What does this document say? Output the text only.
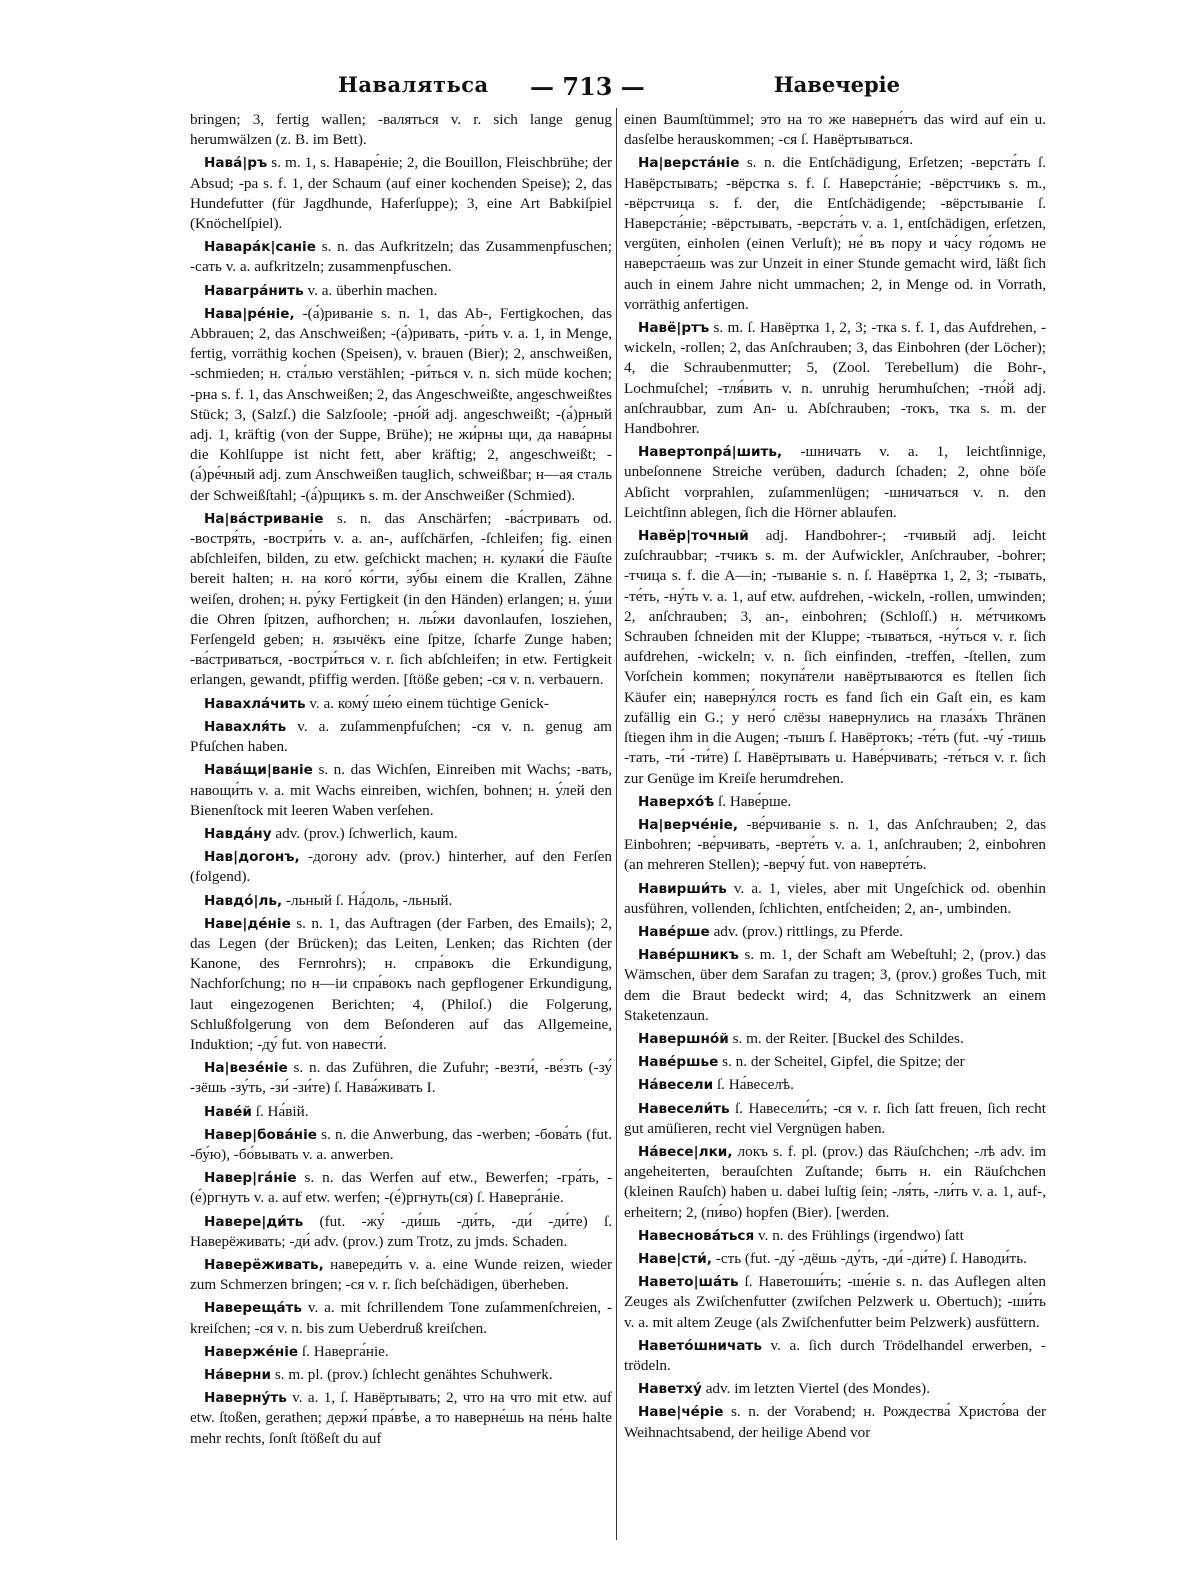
Навалятьса — 713 —	Навечеріе

bringen; 3, fertig wallen; -валяться v. r. sich lange genug herumwälzen (z. B. im Bett).

Нава́|ръ s. m. 1, s. Наваре́ніе; 2, die Bouillon, Fleischbrühe; der Absud; -ра s. f. 1, der Schaum (auf einer kochenden Speise); 2, das Hundefutter (für Jagdhunde, Haferſuppe); 3, eine Art Babkiſpiel (Knöchelſpiel).

Навара́к|саніе s. n. das Aufkritzeln; das Zusammenpfuschen; -сать v. a. aufkritzeln; zusammenpfuschen.

Навагра́нить v. a. überhin machen.

Нава|ре́ніе, -(а́)риваніе s. n. 1, das Ab-, Fertigkochen, das Abbrauen; 2, das Anschweißen; -(а́)ривать, -ри́ть v. a. 1, in Menge, fertig, vorräthig kochen (Speisen), v. brauen (Bier); 2, anschweißen, -schmieden; н. ста́лью verstählen; -ри́ться v. n. sich müde kochen; -рна s. f. 1, das Anschweißen; 2, das Angeschweißte, angeschweißtes Stück; 3, (Salzſ.) die Salzſoole; -рно́й adj. angeschweißt; -(а́)рный adj. 1, kräftig (von der Suppe, Brühe); не жи́рны щи, да нава́рны die Kohlſuppe ist nicht fett, aber kräftig; 2, angeschweißt; -(а́)ре́чный adj. zum Anschweißen tauglich, schweißbar; н—ая сталь der Schweißſtahl; -(а́)рщикъ s. m. der Anschweißer (Schmied).

На|ва́стриваніе s. n. das Anschärfen; -ва́стривать od. -востря́ть, -востри́ть v. a. an-, aufſchärfen, -ſchleifen; fig. einen abſchleifen, bilden, zu etw. geſchickt machen; н. кулаки́ die Fäuſte bereit halten; н. на кого́ ко́гти, зу́бы einem die Krallen, Zähne weiſen, drohen; н. ру́ку Fertigkeit (in den Händen) erlangen; н. у́ши die Ohren ſpitzen, aufhorchen; н. лы́жи davonlaufen, losziehen, Ferſengeld geben; н. язычёкъ eine ſpitze, ſcharfe Zunge haben; -ва́стриваться, -востри́ться v. r. ſich abſchleifen; in etw. Fertigkeit erlangen, gewandt, pfiffig werden. [ſtöße geben; -ся v. n. verbauern.

Навахла́чить v. a. кому́ ше́ю einem tüchtige Genick-

Навахля́ть v. a. zuſammenpfuſchen; -ся v. n. genug am Pfuſchen haben.

Нава́щи|ваніе s. n. das Wichſen, Einreiben mit Wachs; -вать, навощи́ть v. a. mit Wachs einreiben, wichſen, bohnen; н. у́лей den Bienenſtock mit leeren Waben verſehen.

Навда́ну adv. (prov.) ſchwerlich, kaum.

Нав|догонъ, -догону adv. (prov.) hinterher, auf den Ferſen (folgend).

Навдо́|ль, -льный ſ. На́доль, -льный.

Наве|де́ніе s. n. 1, das Auftragen (der Farben, des Emails); 2, das Legen (der Brücken); das Leiten, Lenken; das Richten (der Kanone, des Fernrohrs); н. спра́вокъ die Erkundigung, Nachforſchung; по н—іи спра́вокъ nach gepflogener Erkundigung, laut eingezogenen Berichten; 4, (Philoſ.) die Folgerung, Schlußfolgerung von dem Beſonderen auf das Allgemeine, Induktion; -ду́ fut. von навести́.

На|везе́ніе s. n. das Zuführen, die Zufuhr; -везти́, -ве́зть (-зу́ -зёшь -зу́ть, -зи́ -зи́те) ſ. Нава́живать I.

Наве́й ſ. На́вій.

Навер|бова́ніе s. n. die Anwerbung, das -werben; -бова́ть (fut. -бу́ю), -бо́вывать v. a. anwerben.

Навер|га́ніе s. n. das Werfen auf etw., Bewerfen; -гра́ть, -(е́)ргнуть v. a. auf etw. werfen; -(е́)ргнуть(ся) ſ. Наверга́ніе.

Навере|ди́ть (fut. -жу́ -ди́шь -ди́ть, -ди́ -ди́те) ſ. Наверёживать; -ди́ adv. (prov.) zum Trotz, zu jmds. Schaden.

Наверёживать, навереди́ть v. a. eine Wunde reizen, wieder zum Schmerzen bringen; -ся v. r. ſich beſchädigen, überheben.

Навереща́ть v. a. mit ſchrillendem Tone zuſammenſchreien, -kreiſchen; -ся v. n. bis zum Ueberdruß kreiſchen.

Наверже́ніе ſ. Наверга́ніе.

На́верни s. m. pl. (prov.) ſchlecht genähtes Schuhwerk.

Наверну́ть v. a. 1, ſ. Навёртывать; 2, что на что mit etw. auf etw. ſtoßen, gerathen; держи́ пра́вѣе, а то наверне́шь на пе́нь halte mehr rechts, ſonſt ſtößeſt du auf

einen Baumſtümmel; это на то же наверне́тъ das wird auf ein u. dasſelbe herauskommen; -ся ſ. Навёртываться.

На|верста́ніе s. n. die Entſchädigung, Erſetzen; -верста́ть ſ. Навёрстывать; -вёрстка s. f. ſ. Наверста́ніе; -вёрстчикъ s. m., -вёрстчица s. f. der, die Entſchädigende; -вёрстываніе ſ. Наверста́ніе; -вёрстывать, -верста́ть v. a. 1, entſchädigen, erſetzen, vergüten, einholen (einen Verluſt); не́ въ пору и ча́су го́домъ не наверста́ешь was zur Unzeit in einer Stunde gemacht wird, läßt ſich auch in einem Jahre nicht ummachen; 2, in Menge od. in Vorrath, vorräthig anfertigen.

Навё|ртъ s. m. ſ. Навёртка 1, 2, 3; -тка s. f. 1, das Aufdrehen, -wickeln, -rollen; 2, das Anſchrauben; 3, das Einbohren (der Löcher); 4, die Schraubenmutter; 5, (Zool. Terebellum) die Bohr-, Lochmuſchel; -тля́вить v. n. unruhig herumhuſchen; -тно́й adj. anſchraubbar, zum An- u. Abſchrauben; -токъ, тка s. m. der Handbohrer.

Навертопра́|шить, -шничать v. a. 1, leichtſinnige, unbeſonnene Streiche verüben, dadurch ſchaden; 2, ohne böſe Abſicht vorprahlen, zuſammenlügen; -шничаться v. n. den Leichtſinn ablegen, ſich die Hörner ablaufen.

Навёр|точный adj. Handbohrer-; -тчивый adj. leicht zuſchraubbar; -тчикъ s. m. der Aufwickler, Anſchrauber, -bohrer; -тчица s. f. die A—in; -тываніе s. n. ſ. Навёртка 1, 2, 3; -тывать, -те́ть, -ну́ть v. a. 1, auf etw. aufdrehen, -wickeln, -rollen, umwinden; 2, anſchrauben; 3, an-, einbohren; (Schloſſ.) н. ме́тчикомъ Schrauben ſchneiden mit der Kluppe; -тываться, -ну́ться v. r. ſich aufdrehen, -wickeln; v. n. ſich einfinden, -treffen, -ſtellen, zum Vorſchein kommen; покупа́тели навёртываются es ſtellen ſich Käufer ein; наверну́лся гость es fand ſich ein Gaſt ein, es kam zufällig ein G.; у него́ слёзы навернулись на глаза́хъ Thränen ſtiegen ihm in die Augen; -тышъ ſ. Навёртокъ; -те́ть (fut. -чу́ -тишь -тать, -ти́ -ти́те) ſ. Навёртывать u. Наве́рчивать; -те́ться v. r. ſich zur Genüge im Kreiſe herumdrehen.

Наверхо́ѣ ſ. Наве́рше.

На|верче́ніе, -ве́рчиваніе s. n. 1, das Anſchrauben; 2, das Einbohren; -ве́рчивать, -верте́ть v. a. 1, anſchrauben; 2, einbohren (an mehreren Stellen); -верчу́ fut. von наверте́ть.

Навирши́ть v. a. 1, vieles, aber mit Ungeſchick od. obenhin ausführen, vollenden, ſchlichten, entſcheiden; 2, an-, umbinden.

Наве́рше adv. (prov.) rittlings, zu Pferde.

Наве́ршникъ s. m. 1, der Schaft am Webeſtuhl; 2, (prov.) das Wämschen, über dem Sarafan zu tragen; 3, (prov.) großes Tuch, mit dem die Braut bedeckt wird; 4, das Schnitzwerk an einem Staketenzaun.

Навершно́й s. m. der Reiter. [Buckel des Schildes.

Наве́ршье s. n. der Scheitel, Gipfel, die Spitze; der

На́весели ſ. На́веселѣ.

Навесели́ть ſ. Навесели́ть; -ся v. r. ſich ſatt freuen, ſich recht gut amüſieren, recht viel Vergnügen haben.

На́весе|лки, локъ s. f. pl. (prov.) das Räuſchchen; -лѣ adv. im angeheiterten, berauſchten Zuſtande; быть н. ein Räuſchchen (kleinen Rauſch) haben u. dabei luſtig ſein; -ля́ть, -ли́ть v. a. 1, auf-, erheitern; 2, (пи́во) hopfen (Bier). [werden.

Навеснова́ться v. n. des Frühlings (irgendwo) ſatt

Наве|сти́, -сть (fut. -ду́ -дёшь -ду́ть, -ди́ -ди́те) ſ. Наводи́ть.

Навето|ша́ть ſ. Наветоши́ть; -ше́ніе s. n. das Auflegen alten Zeuges als Zwiſchenfutter (zwiſchen Pelzwerk u. Obertuch); -ши́ть v. a. mit altem Zeuge (als Zwiſchenfutter beim Pelzwerk) ausfüttern.

Навето́шничать v. a. ſich durch Trödelhandel erwerben, -trödeln.

Наветху́ adv. im letzten Viertel (des Mondes).

Наве|че́ріе s. n. der Vorabend; н. Рождества́ Христо́ва der Weihnachtsabend, der heilige Abend vor
